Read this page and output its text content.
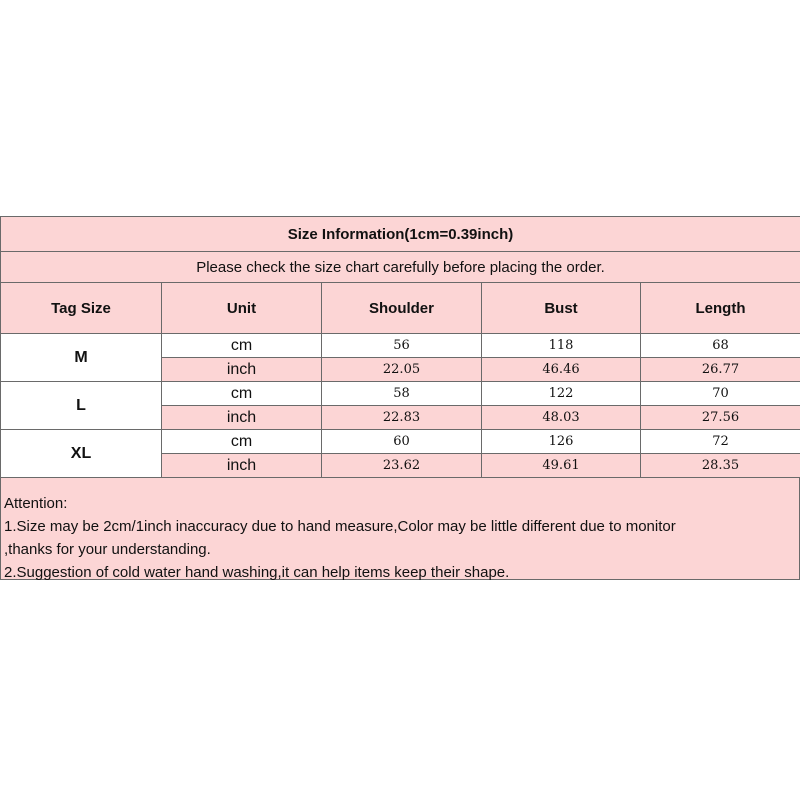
Size Information(1cm=0.39inch)				
Please check the size chart carefully before placing the order.				
Tag Size	Unit	Shoulder	Bust	Length
M	cm	56	118	68
	inch	22.05	46.46	26.77
L	cm	58	122	70
	inch	22.83	48.03	27.56
XL	cm	60	126	72
	inch	23.62	49.61	28.35
Attention:
1.Size may be 2cm/1inch inaccuracy due to hand measure,Color may be little different due to monitor
,thanks for your understanding.
2.Suggestion of cold water hand washing,it can help items keep their shape.
